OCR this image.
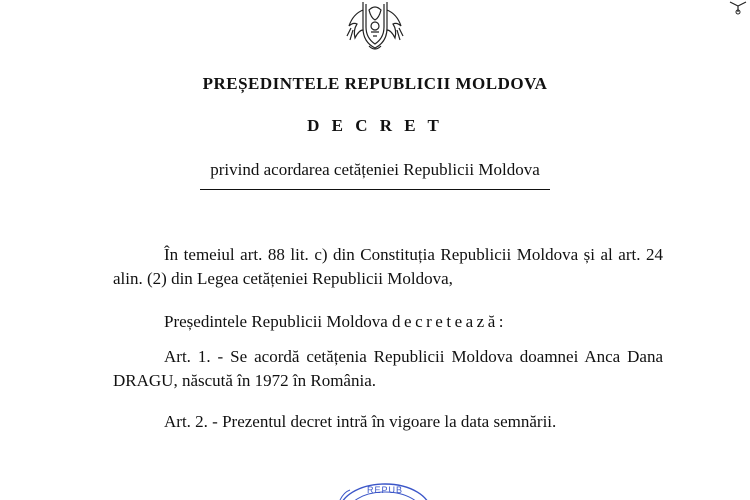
PREȘEDINTELE REPUBLICII MOLDOVA
D E C R E T
privind acordarea cetățeniei Republicii Moldova
În temeiul art. 88 lit. c) din Constituția Republicii Moldova și al art. 24 alin. (2) din Legea cetățeniei Republicii Moldova,
Președintele Republicii Moldova decretează:
Art. 1. - Se acordă cetățenia Republicii Moldova doamnei Anca Dana DRAGU, născută în 1972 în România.
Art. 2. - Prezentul decret intră în vigoare la data semnării.
REPUB
